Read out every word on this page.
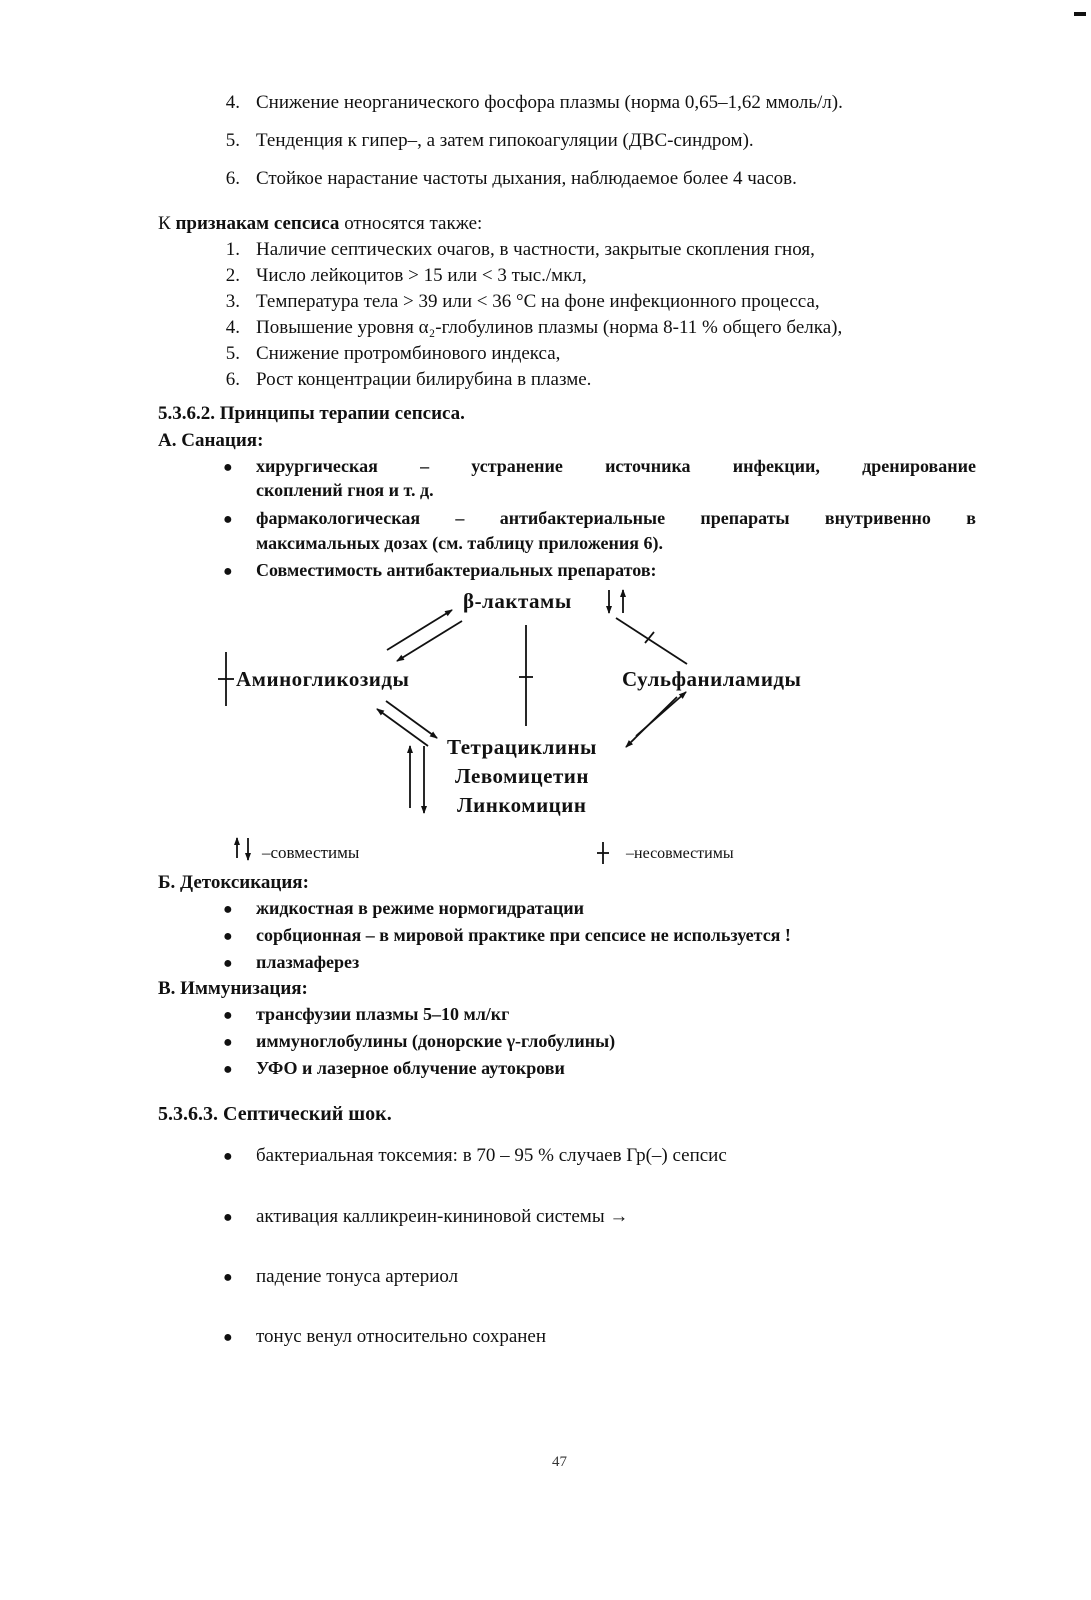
4. Снижение неорганического фосфора плазмы (норма 0,65–1,62 ммоль/л).
5. Тенденция к гипер–, а затем гипокоагуляции (ДВС-синдром).
6. Стойкое нарастание частоты дыхания, наблюдаемое более 4 часов.
К признакам сепсиса относятся также:
1. Наличие септических очагов, в частности, закрытые скопления гноя,
2. Число лейкоцитов > 15 или < 3 тыс./мкл,
3. Температура тела > 39 или < 36 °C на фоне инфекционного процесса,
4. Повышение уровня α₂-глобулинов плазмы (норма 8-11 % общего белка),
5. Снижение протромбинового индекса,
6. Рост концентрации билирубина в плазме.
5.3.6.2. Принципы терапии сепсиса.
А. Санация:
● хирургическая – устранение источника инфекции, дренирование
скоплений гноя и т. д.
● фармакологическая – антибактериальные препараты внутривенно в
максимальных дозах (см. таблицу приложения 6).
● Совместимость антибактериальных препаратов:
β-лактамы
Аминогликозиды	Сульфаниламиды
Тетрациклины
Левомицетин
Линкомицин
–совместимы	–несовместимы
Б. Детоксикация:
● жидкостная в режиме нормогидратации
● сорбционная – в мировой практике при сепсисе не используется !
● плазмаферез
В. Иммунизация:
● трансфузии плазмы 5–10 мл/кг
● иммуноглобулины (донорские γ-глобулины)
● УФО и лазерное облучение аутокрови
5.3.6.3. Септический шок.
● бактериальная токсемия: в 70 – 95 % случаев Гр(–) сепсис
● активация калликреин-кининовой системы →
● падение тонуса артериол
● тонус венул относительно сохранен
47
